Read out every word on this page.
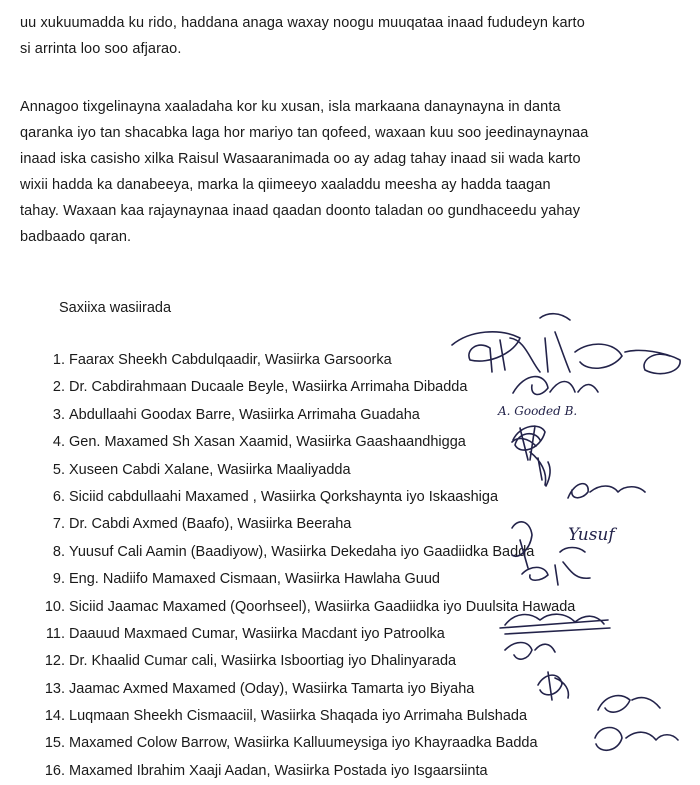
uu xukuumadda ku rido, haddana anaga waxay noogu muuqataa inaad fududeyn karto
si arrinta loo soo afjarao.
Annagoo tixgelinayna xaaladaha kor ku xusan, isla markaana danaynayna in danta
qaranka iyo tan shacabka laga hor mariyo tan qofeed, waxaan kuu soo jeedinaynaynaa
inaad iska casisho xilka Raisul Wasaaranimada oo ay adag tahay inaad sii wada karto
wixii hadda ka danabeeya, marka la qiimeeyo xaaladdu meesha ay hadda taagan
tahay. Waxaan kaa rajaynaynaa inaad qaadan doonto taladan oo gundhaceedu yahay
badbaado qaran.

Saxiixa wasiirada

1. Faarax Sheekh Cabdulqaadir, Wasiirka Garsoorka
2. Dr. Cabdirahmaan Ducaale Beyle, Wasiirka Arrimaha Dibadda
3. Abdullaahi Goodax Barre, Wasiirka Arrimaha Guadaha
4. Gen. Maxamed Sh Xasan Xaamid, Wasiirka Gaashaandhigga
5. Xuseen Cabdi Xalane, Wasiirka Maaliyadda
6. Siciid cabdullaahi Maxamed , Wasiirka Qorkshaynta iyo Iskaashiga
7. Dr. Cabdi Axmed (Baafo), Wasiirka Beeraha
8. Yuusuf Cali Aamin (Baadiyow), Wasiirka Dekedaha iyo Gaadiidka Badda
9. Eng. Nadiifo Mamaxed Cismaan, Wasiirka Hawlaha Guud
10. Siciid Jaamac Maxamed (Qoorhseel), Wasiirka Gaadiidka iyo Duulsita Hawada
11. Daauud Maxmaed Cumar, Wasiirka Macdant iyo Patroolka
12. Dr. Khaalid Cumar cali, Wasiirka Isboortiag iyo Dhalinyarada
13. Jaamac Axmed Maxamed (Oday), Wasiirka Tamarta iyo Biyaha
14. Luqmaan Sheekh Cismaaciil, Wasiirka Shaqada iyo Arrimaha Bulshada
15. Maxamed Colow Barrow, Wasiirka Kalluumeysiga iyo Khayraadka Badda
16. Maxamed Ibrahim Xaaji Aadan, Wasiirka Postada iyo Isgaarsiinta
A. Gooded B.
Yusuf
